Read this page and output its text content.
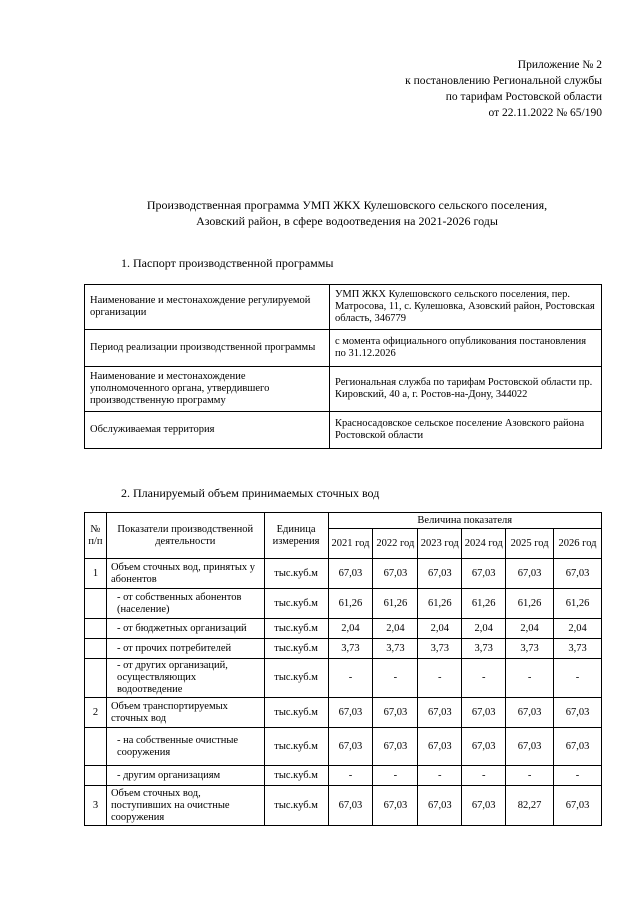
Приложение № 2
к постановлению Региональной службы
по тарифам Ростовской области
от 22.11.2022 № 65/190
Производственная программа УМП ЖКХ Кулешовского сельского поселения,
Азовский район, в сфере водоотведения на 2021-2026 годы
1. Паспорт производственной программы
Наименование и местонахождение регулируемой организации	УМП ЖКХ Кулешовского сельского поселения, пер. Матросова, 11, с. Кулешовка, Азовский район, Ростовская область, 346779
Период реализации производственной программы	с момента официального опубликования постановления по 31.12.2026
Наименование и местонахождение уполномоченного органа, утвердившего производственную программу	Региональная служба по тарифам Ростовской области пр. Кировский, 40 а, г. Ростов-на-Дону, 344022
Обслуживаемая территория	Красносадовское сельское поселение Азовского района Ростовской области
2. Планируемый объем принимаемых сточных вод
№ п/п	Показатели производственной деятельности	Единица измерения	Величина показателя					
			2021 год	2022 год	2023 год	2024 год	2025 год	2026 год
1	Объем сточных вод, принятых у абонентов	тыс.куб.м	67,03	67,03	67,03	67,03	67,03	67,03
	- от собственных абонентов (население)	тыс.куб.м	61,26	61,26	61,26	61,26	61,26	61,26
	- от бюджетных организаций	тыс.куб.м	2,04	2,04	2,04	2,04	2,04	2,04
	- от прочих потребителей	тыс.куб.м	3,73	3,73	3,73	3,73	3,73	3,73
	- от других организаций, осуществляющих водоотведение	тыс.куб.м	-	-	-	-	-	-
2	Объем транспортируемых сточных вод	тыс.куб.м	67,03	67,03	67,03	67,03	67,03	67,03
	- на собственные очистные сооружения	тыс.куб.м	67,03	67,03	67,03	67,03	67,03	67,03
	- другим организациям	тыс.куб.м	-	-	-	-	-	-
3	Объем сточных вод, поступивших на очистные сооружения	тыс.куб.м	67,03	67,03	67,03	67,03	82,27	67,03
